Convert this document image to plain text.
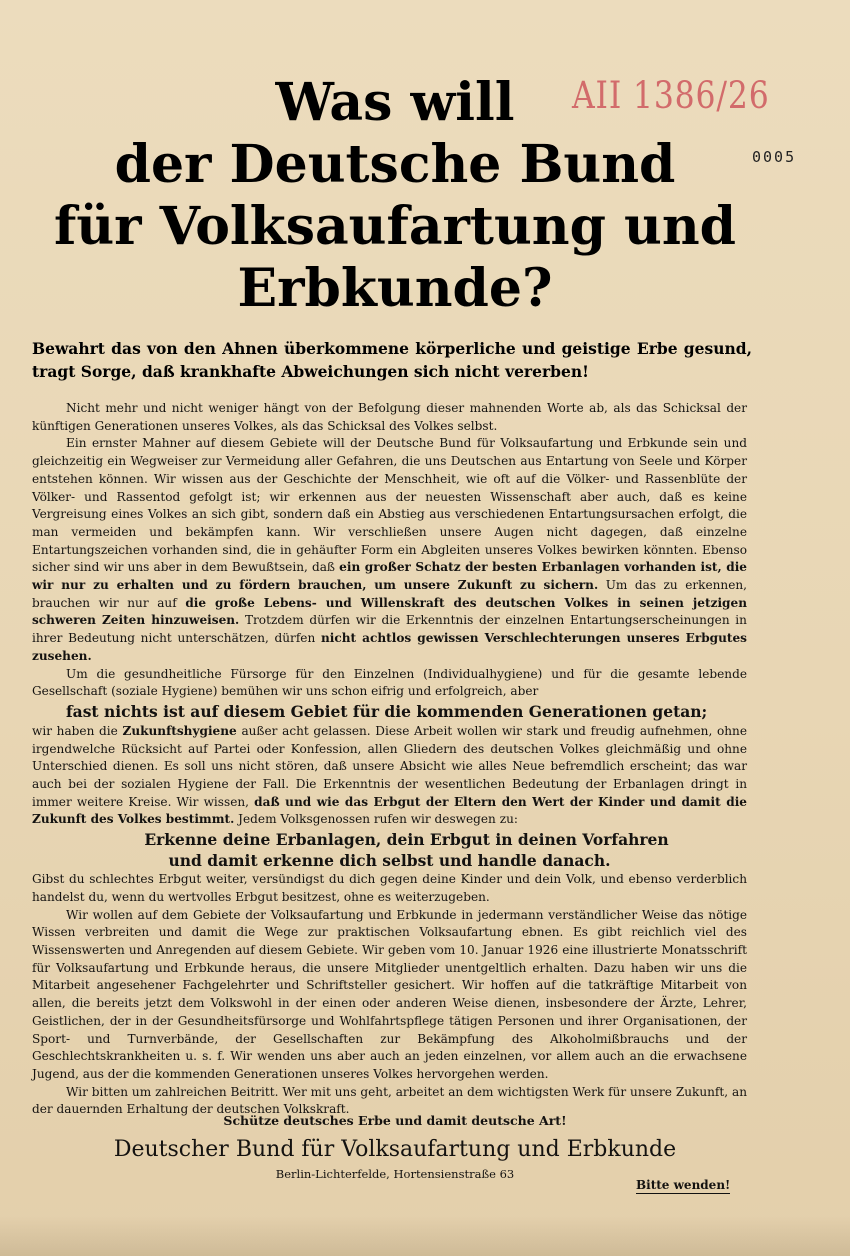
AII 1386/26
0005
Was will
der Deutsche Bund
für Volksaufartung und
Erbkunde?
Bewahrt das von den Ahnen überkommene körperliche und geistige Erbe gesund, tragt Sorge, daß krankhafte Abweichungen sich nicht vererben!

Nicht mehr und nicht weniger hängt von der Befolgung dieser mahnenden Worte ab, als das Schicksal der künftigen Generationen unseres Volkes, als das Schicksal des Volkes selbst.

Ein ernster Mahner auf diesem Gebiete will der Deutsche Bund für Volksaufartung und Erbkunde sein und gleichzeitig ein Wegweiser zur Vermeidung aller Gefahren, die uns Deutschen aus Entartung von Seele und Körper entstehen können. Wir wissen aus der Geschichte der Menschheit, wie oft auf die Völker- und Rassenblüte der Völker- und Rassentod gefolgt ist; wir erkennen aus der neuesten Wissenschaft aber auch, daß es keine Vergreisung eines Volkes an sich gibt, sondern daß ein Abstieg aus verschiedenen Entartungsursachen erfolgt, die man vermeiden und bekämpfen kann. Wir verschließen unsere Augen nicht dagegen, daß einzelne Entartungszeichen vorhanden sind, die in gehäufter Form ein Abgleiten unseres Volkes bewirken könnten. Ebenso sicher sind wir uns aber in dem Bewußtsein, daß ein großer Schatz der besten Erbanlagen vorhanden ist, die wir nur zu erhalten und zu fördern brauchen, um unsere Zukunft zu sichern. Um das zu erkennen, brauchen wir nur auf die große Lebens- und Willenskraft des deutschen Volkes in seinen jetzigen schweren Zeiten hinzuweisen. Trotzdem dürfen wir die Erkenntnis der einzelnen Entartungserscheinungen in ihrer Bedeutung nicht unterschätzen, dürfen nicht achtlos gewissen Verschlechterungen unseres Erbgutes zusehen.

Um die gesundheitliche Fürsorge für den Einzelnen (Individualhygiene) und für die gesamte lebende Gesellschaft (soziale Hygiene) bemühen wir uns schon eifrig und erfolgreich, aber

fast nichts ist auf diesem Gebiet für die kommenden Generationen getan;

wir haben die Zukunftshygiene außer acht gelassen. Diese Arbeit wollen wir stark und freudig aufnehmen, ohne irgendwelche Rücksicht auf Partei oder Konfession, allen Gliedern des deutschen Volkes gleichmäßig und ohne Unterschied dienen. Es soll uns nicht stören, daß unsere Absicht wie alles Neue befremdlich erscheint; das war auch bei der sozialen Hygiene der Fall. Die Erkenntnis der wesentlichen Bedeutung der Erbanlagen dringt in immer weitere Kreise. Wir wissen, daß und wie das Erbgut der Eltern den Wert der Kinder und damit die Zukunft des Volkes bestimmt. Jedem Volksgenossen rufen wir deswegen zu:

Erkenne deine Erbanlagen, dein Erbgut in deinen Vorfahren
und damit erkenne dich selbst und handle danach.

Gibst du schlechtes Erbgut weiter, versündigst du dich gegen deine Kinder und dein Volk, und ebenso verderblich handelst du, wenn du wertvolles Erbgut besitzest, ohne es weiterzugeben.

Wir wollen auf dem Gebiete der Volksaufartung und Erbkunde in jedermann verständlicher Weise das nötige Wissen verbreiten und damit die Wege zur praktischen Volksaufartung ebnen. Es gibt reichlich viel des Wissenswerten und Anregenden auf diesem Gebiete. Wir geben vom 10. Januar 1926 eine illustrierte Monatsschrift für Volksaufartung und Erbkunde heraus, die unsere Mitglieder unentgeltlich erhalten. Dazu haben wir uns die Mitarbeit angesehener Fachgelehrter und Schriftsteller gesichert. Wir hoffen auf die tatkräftige Mitarbeit von allen, die bereits jetzt dem Volkswohl in der einen oder anderen Weise dienen, insbesondere der Ärzte, Lehrer, Geistlichen, der in der Gesundheitsfürsorge und Wohlfahrtspflege tätigen Personen und ihrer Organisationen, der Sport- und Turnverbände, der Gesellschaften zur Bekämpfung des Alkoholmißbrauchs und der Geschlechtskrankheiten u. s. f. Wir wenden uns aber auch an jeden einzelnen, vor allem auch an die erwachsene Jugend, aus der die kommenden Generationen unseres Volkes hervorgehen werden.

Wir bitten um zahlreichen Beitritt. Wer mit uns geht, arbeitet an dem wichtigsten Werk für unsere Zukunft, an der dauernden Erhaltung der deutschen Volkskraft.

Schütze deutsches Erbe und damit deutsche Art!
Deutscher Bund für Volksaufartung und Erbkunde
Berlin-Lichterfelde, Hortensienstraße 63
Bitte wenden!
